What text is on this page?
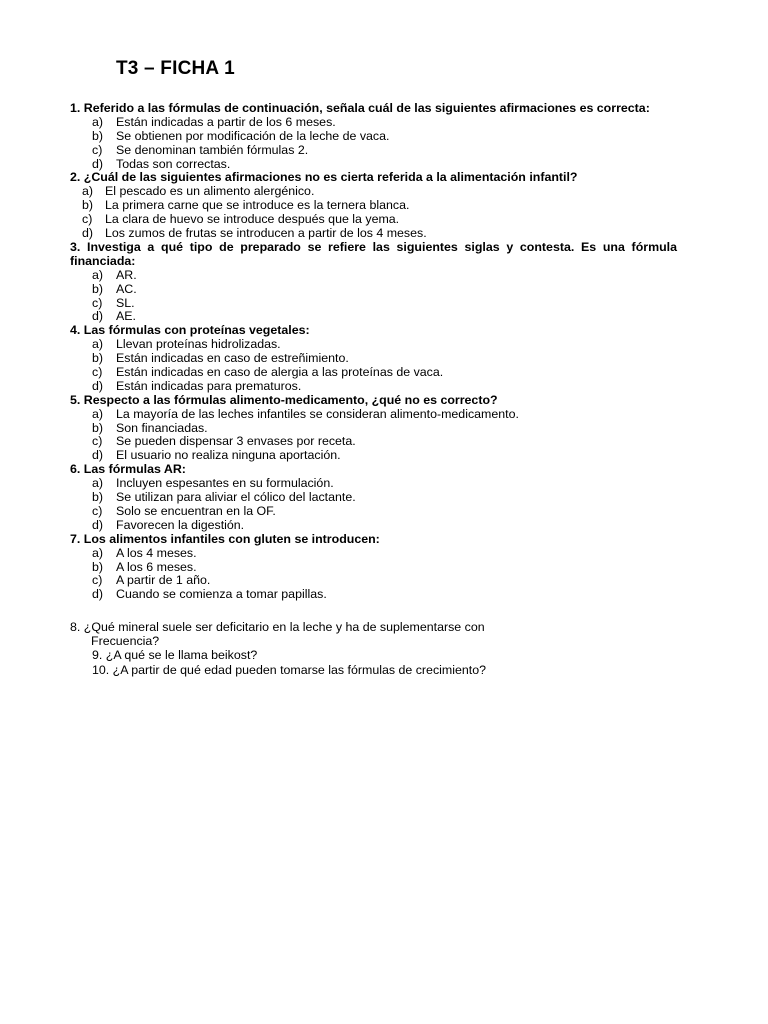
T3 – FICHA 1
1. Referido a las fórmulas de continuación, señala cuál de las siguientes afirmaciones es correcta:
a) Están indicadas a partir de los 6 meses.
b) Se obtienen por modificación de la leche de vaca.
c) Se denominan también fórmulas 2.
d) Todas son correctas.
2. ¿Cuál de las siguientes afirmaciones no es cierta referida a la alimentación infantil?
a) El pescado es un alimento alergénico.
b) La primera carne que se introduce es la ternera blanca.
c) La clara de huevo se introduce después que la yema.
d) Los zumos de frutas se introducen a partir de los 4 meses.
3. Investiga a qué tipo de preparado se refiere las siguientes siglas y contesta. Es una fórmula financiada:
a) AR.
b) AC.
c) SL.
d) AE.
4. Las fórmulas con proteínas vegetales:
a) Llevan proteínas hidrolizadas.
b) Están indicadas en caso de estreñimiento.
c) Están indicadas en caso de alergia a las proteínas de vaca.
d) Están indicadas para prematuros.
5. Respecto a las fórmulas alimento-medicamento, ¿qué no es correcto?
a) La mayoría de las leches infantiles se consideran alimento-medicamento.
b) Son financiadas.
c) Se pueden dispensar 3 envases por receta.
d) El usuario no realiza ninguna aportación.
6. Las fórmulas AR:
a) Incluyen espesantes en su formulación.
b) Se utilizan para aliviar el cólico del lactante.
c) Solo se encuentran en la OF.
d) Favorecen la digestión.
7. Los alimentos infantiles con gluten se introducen:
a) A los 4 meses.
b) A los 6 meses.
c) A partir de 1 año.
d) Cuando se comienza a tomar papillas.

8. ¿Qué mineral suele ser deficitario en la leche y ha de suplementarse con

Frecuencia?

9. ¿A qué se le llama beikost?

10. ¿A partir de qué edad pueden tomarse las fórmulas de crecimiento?
